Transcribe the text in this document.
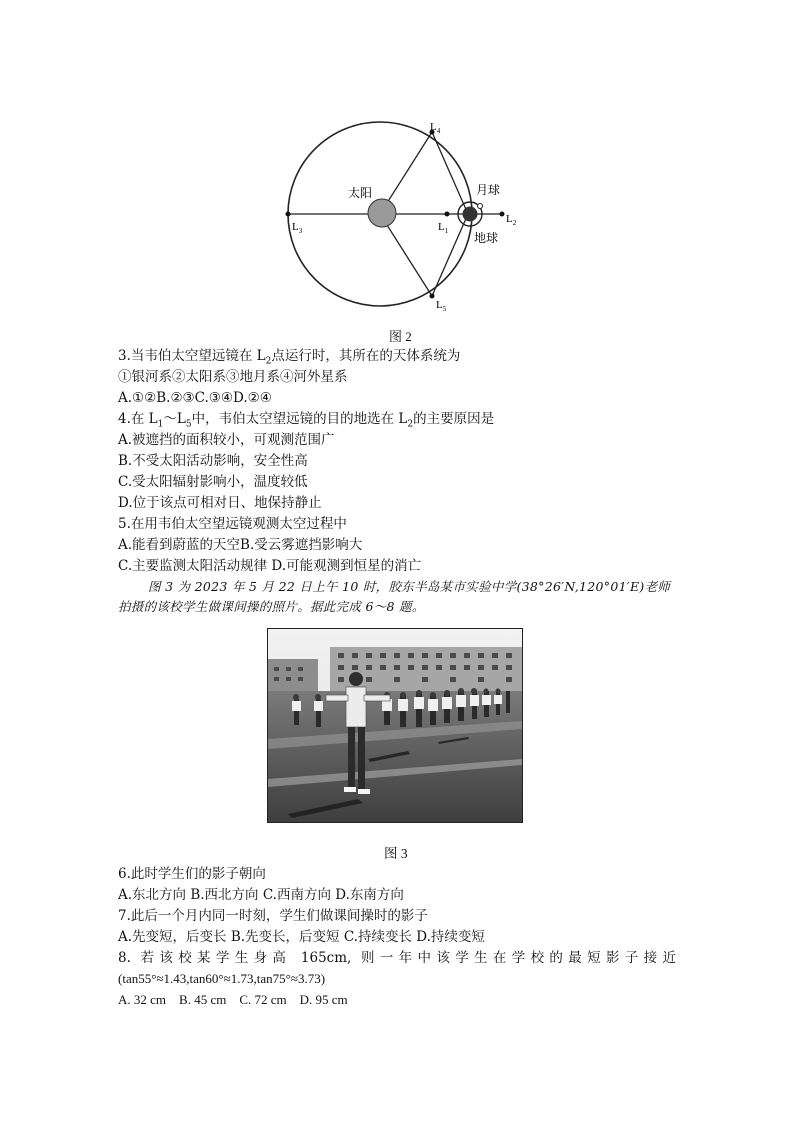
太阳	月球
地球
$L_4$
$L_5$
$L_3$	$L_1$
$L_2$
图 2
3.当韦伯太空望远镜在 $L_2$点运行时，其所在的天体系统为
①银河系②太阳系③地月系④河外星系
A.①②B.②③C.③④D.②④
4.在 $L_1\sim L_5$中，韦伯太空望远镜的目的地选在 $L_2$的主要原因是
A.被遮挡的面积较小，可观测范围广
B.不受太阳活动影响，安全性高
C.受太阳辐射影响小，温度较低
D.位于该点可相对日、地保持静止
5.在用韦伯太空望远镜观测太空过程中
A.能看到蔚蓝的天空B.受云雾遮挡影响大
C.主要监测太阳活动规律 D.可能观测到恒星的消亡
图 3 为 2023 年 5 月 22 日上午 10 时，胶东半岛某市实验中学(38°26′N,120°01′E)老师拍摄的该校学生做课间操的照片。据此完成 6～8 题。
图 3
6.此时学生们的影子朝向
A.东北方向 B.西北方向 C.西南方向 D.东南方向
7.此后一个月内同一时刻，学生们做课间操时的影子
A.先变短，后变长 B.先变长，后变短 C.持续变长 D.持续变短
8. 若该校某学生身高 165cm, 则一年中该学生在学校的最短影子接近
(tan55°≈1.43,tan60°≈1.73,tan75°≈3.73)
A. 32 cm    B. 45 cm    C. 72 cm    D. 95 cm
